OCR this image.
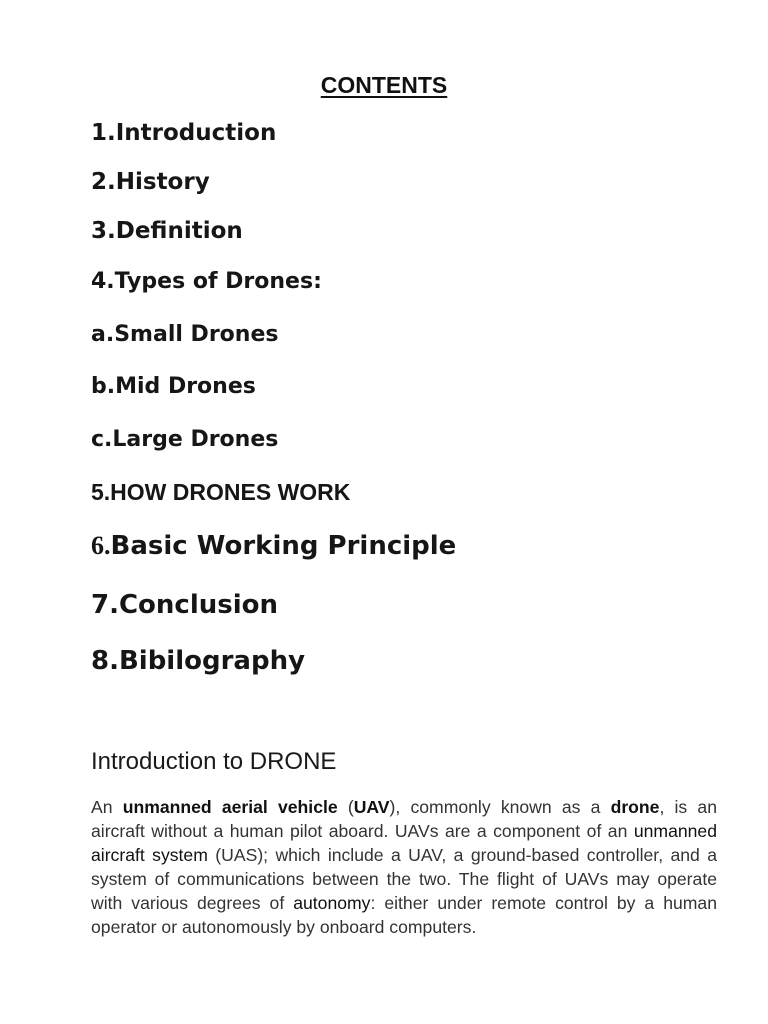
CONTENTS
1.Introduction
2.History
3.Definition
4.Types of Drones:
a.Small Drones
b.Mid Drones
c.Large Drones
5.HOW DRONES WORK
6.Basic Working Principle
7.Conclusion
8.Bibilography
Introduction to DRONE

An unmanned aerial vehicle (UAV), commonly known as a drone, is an aircraft without a human pilot aboard. UAVs are a component of an unmanned aircraft system (UAS); which include a UAV, a ground-based controller, and a system of communications between the two. The flight of UAVs may operate with various degrees of autonomy: either under remote control by a human operator or autonomously by onboard computers.
